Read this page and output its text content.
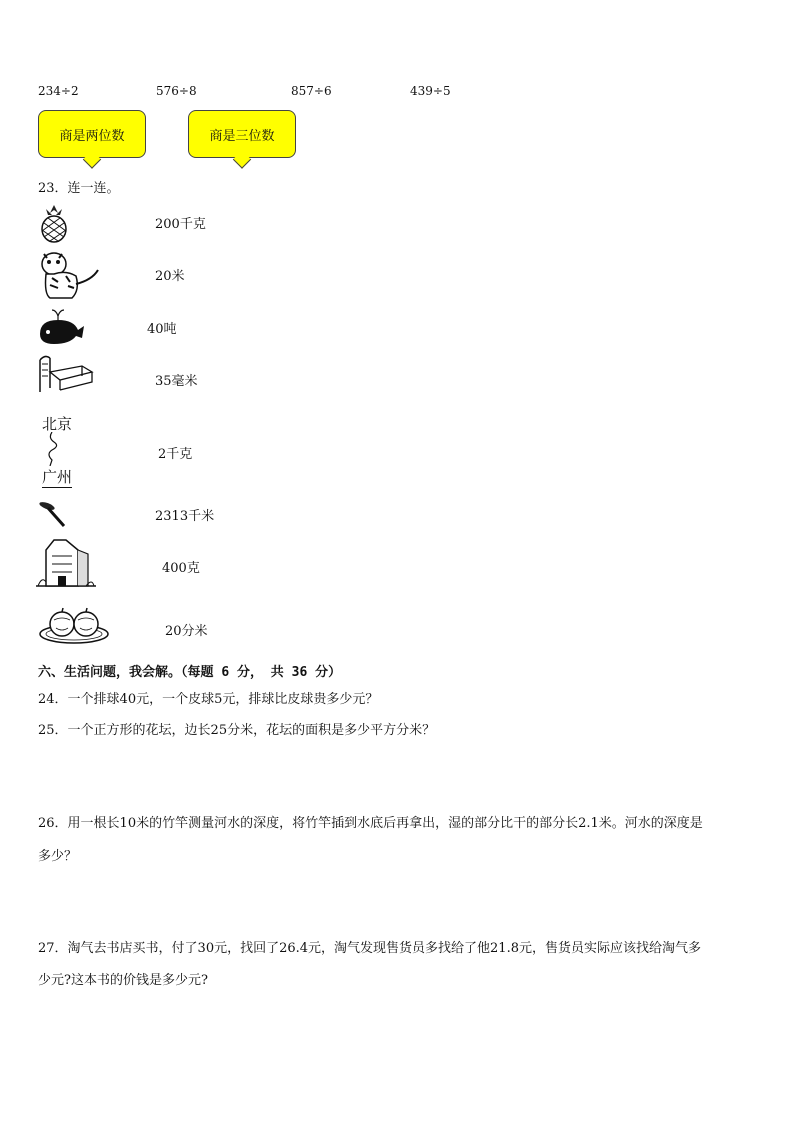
234÷2	576÷8	857÷6	439÷5
商是两位数	商是三位数
23．连一连。
北京
广州
200千克
20米
40吨
35毫米
2千克
2313千米
400克
20分米
六、生活问题，我会解。（每题 6 分， 共 36 分）
24．一个排球40元，一个皮球5元，排球比皮球贵多少元？
25．一个正方形的花坛，边长25分米，花坛的面积是多少平方分米？
26．用一根长10米的竹竿测量河水的深度，将竹竿插到水底后再拿出，湿的部分比干的部分长2.1米。河水的深度是
多少？
27．淘气去书店买书，付了30元，找回了26.4元，淘气发现售货员多找给了他21.8元，售货员实际应该找给淘气多
少元?这本书的价钱是多少元?
